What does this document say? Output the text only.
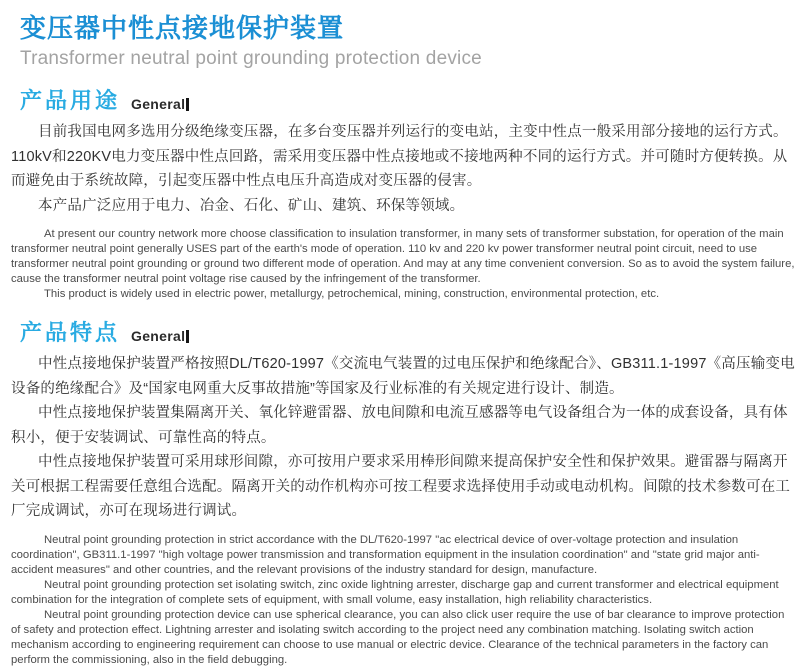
变压器中性点接地保护装置
Transformer neutral point grounding protection device
产品用途 General

目前我国电网多选用分级绝缘变压器，在多台变压器并列运行的变电站，主变中性点一般采用部分接地的运行方式。110kV和220KV电力变压器中性点回路，需采用变压器中性点接地或不接地两种不同的运行方式。并可随时方便转换。从而避免由于系统故障，引起变压器中性点电压升高造成对变压器的侵害。

本产品广泛应用于电力、冶金、石化、矿山、建筑、环保等领域。

At present our country network more choose classification to insulation transformer, in many sets of transformer substation, for operation of the main transformer neutral point generally USES part of the earth's mode of operation. 110 kv and 220 kv power transformer neutral point circuit, need to use transformer neutral point grounding or ground two different mode of operation. And may at any time convenient conversion. So as to avoid the system failure, cause the transformer neutral point voltage rise caused by the infringement of the transformer.

This product is widely used in electric power, metallurgy, petrochemical, mining, construction, environmental protection, etc.

产品特点 General

中性点接地保护装置严格按照DL/T620-1997《交流电气装置的过电压保护和绝缘配合》、GB311.1-1997《高压输变电设备的绝缘配合》及“国家电网重大反事故措施”等国家及行业标准的有关规定进行设计、制造。

中性点接地保护装置集隔离开关、氧化锌避雷器、放电间隙和电流互感器等电气设备组合为一体的成套设备，具有体积小，便于安装调试、可靠性高的特点。

中性点接地保护装置可采用球形间隙，亦可按用户要求采用棒形间隙来提高保护安全性和保护效果。避雷器与隔离开关可根据工程需要任意组合选配。隔离开关的动作机构亦可按工程要求选择使用手动或电动机构。间隙的技术参数可在工厂完成调试，亦可在现场进行调试。

Neutral point grounding protection in strict accordance with the DL/T620-1997 "ac electrical device of over-voltage protection and insulation coordination", GB311.1-1997 "high voltage power transmission and transformation equipment in the insulation coordination" and "state grid major anti-accident measures" and other countries, and the relevant provisions of the industry standard for design, manufacture.

Neutral point grounding protection set isolating switch, zinc oxide lightning arrester, discharge gap and current transformer and electrical equipment combination for the integration of complete sets of equipment, with small volume, easy installation, high reliability characteristics.

Neutral point grounding protection device can use spherical clearance, you can also click user require the use of bar clearance to improve protection of safety and protection effect. Lightning arrester and isolating switch according to the project need any combination matching. Isolating switch action mechanism according to engineering requirement can choose to use manual or electric device. Clearance of the technical parameters in the factory can perform the commissioning, also in the field debugging.
